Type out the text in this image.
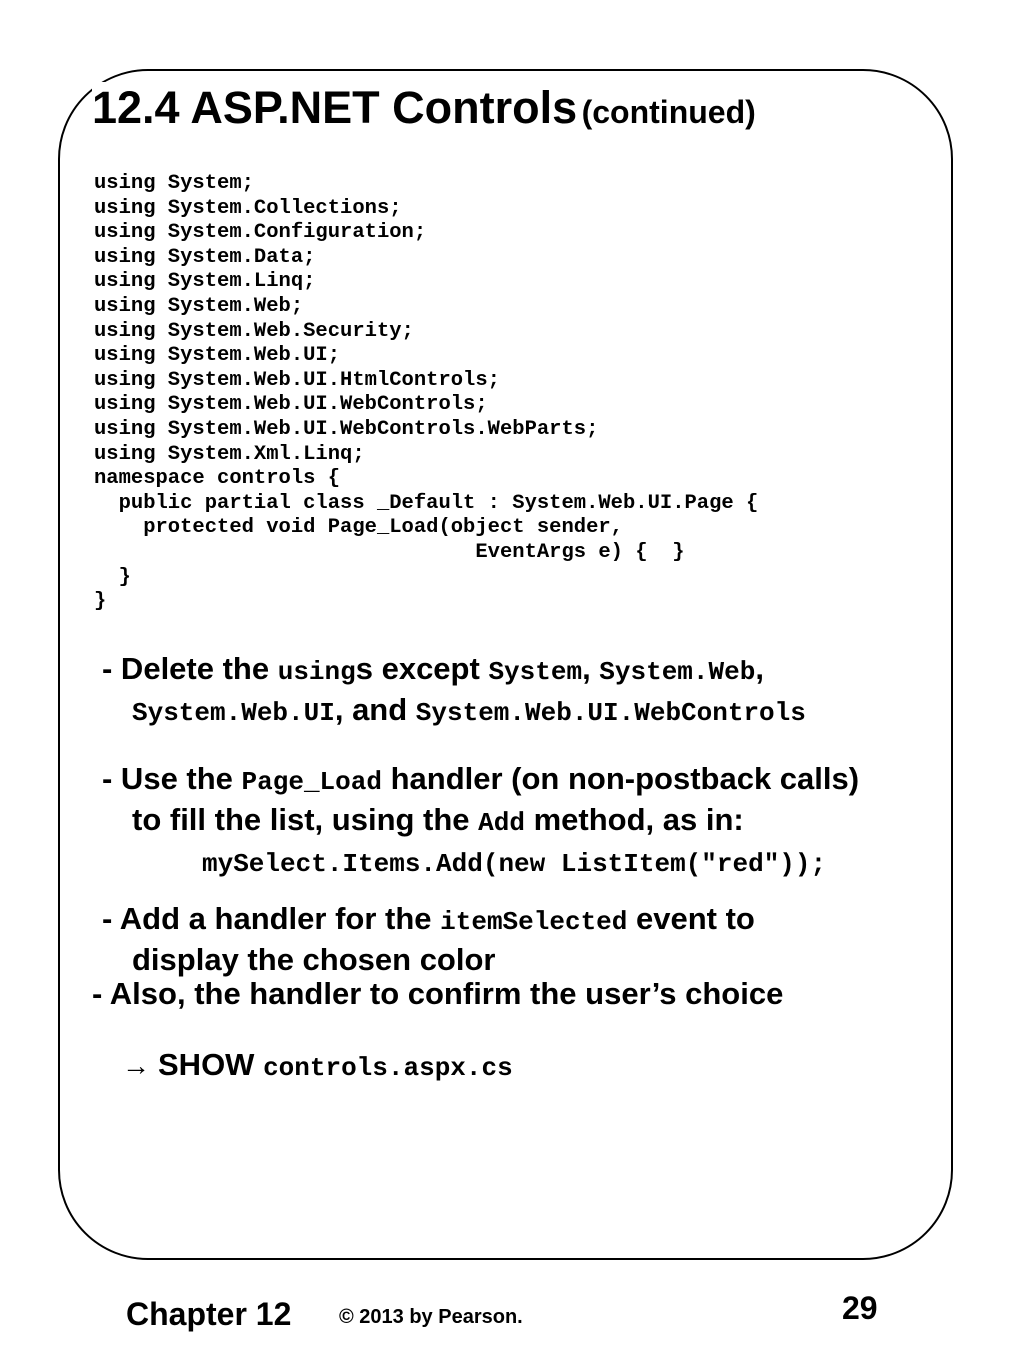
12.4 ASP.NET Controls (continued)
using System;
using System.Collections;
using System.Configuration;
using System.Data;
using System.Linq;
using System.Web;
using System.Web.Security;
using System.Web.UI;
using System.Web.UI.HtmlControls;
using System.Web.UI.WebControls;
using System.Web.UI.WebControls.WebParts;
using System.Xml.Linq;
namespace controls {
public partial class _Default : System.Web.UI.Page {
protected void Page_Load(object sender,
EventArgs e) {  }
}
}
- Delete the usings except System, System.Web,
System.Web.UI, and System.Web.UI.WebControls
- Use the Page_Load handler (on non-postback calls)
to fill the list, using the Add method, as in:
mySelect.Items.Add(new ListItem(″red″));
- Add a handler for the itemSelected event to
display the chosen color
- Also, the handler to confirm the user’s choice
→ SHOW controls.aspx.cs
Chapter 12 © 2013 by Pearson.	29
